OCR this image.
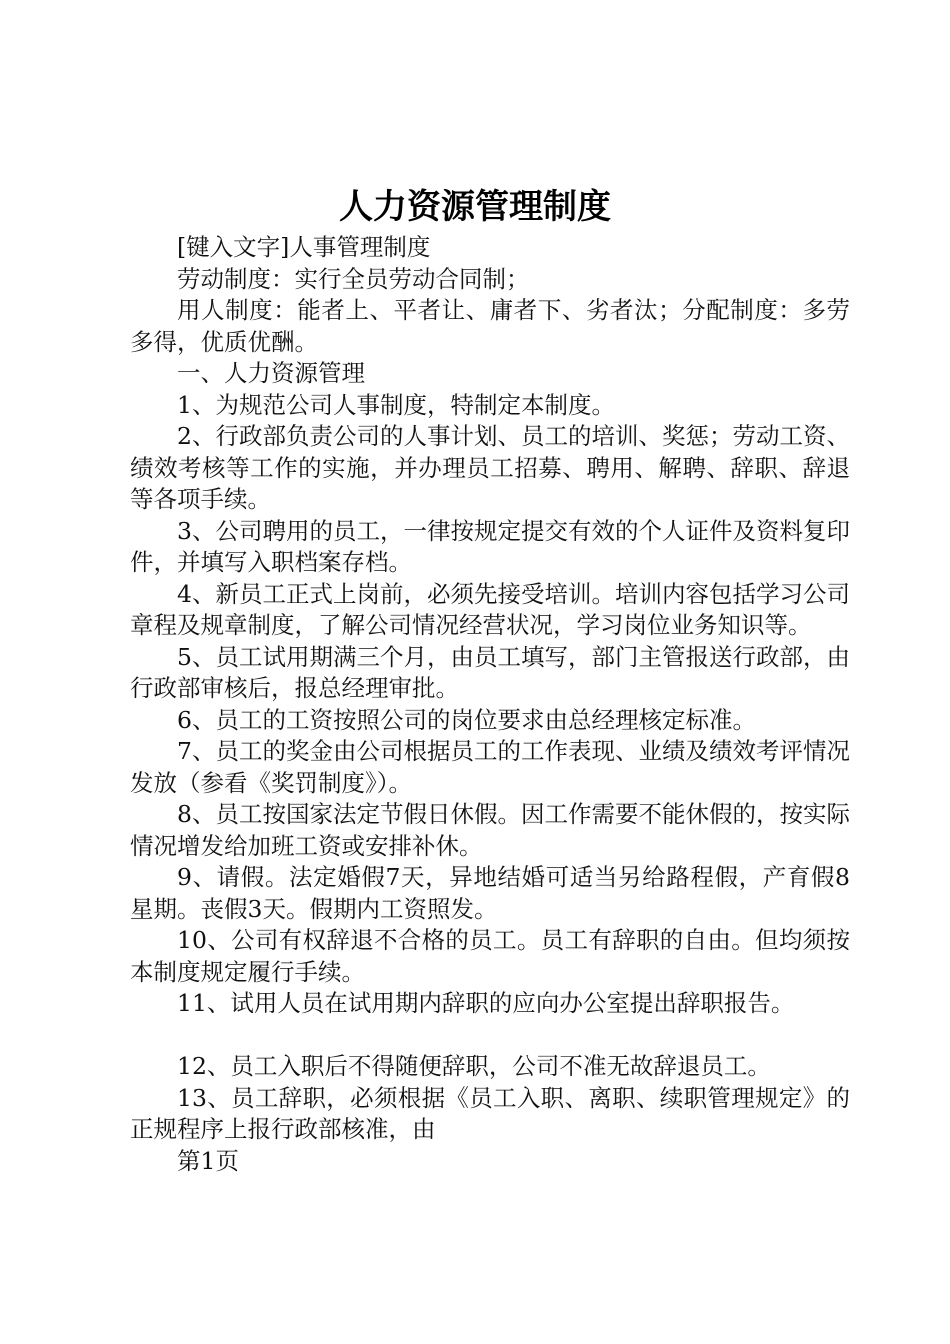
人力资源管理制度

[键入文字]人事管理制度

劳动制度：实行全员劳动合同制；

用人制度：能者上、平者让、庸者下、劣者汰；分配制度：多劳多得，优质优酬。

一、人力资源管理

1、为规范公司人事制度，特制定本制度。

2、行政部负责公司的人事计划、员工的培训、奖惩；劳动工资、绩效考核等工作的实施，并办理员工招募、聘用、解聘、辞职、辞退等各项手续。

3、公司聘用的员工，一律按规定提交有效的个人证件及资料复印件，并填写入职档案存档。

4、新员工正式上岗前，必须先接受培训。培训内容包括学习公司章程及规章制度，了解公司情况经营状况，学习岗位业务知识等。

5、员工试用期满三个月，由员工填写，部门主管报送行政部，由行政部审核后，报总经理审批。

6、员工的工资按照公司的岗位要求由总经理核定标准。

7、员工的奖金由公司根据员工的工作表现、业绩及绩效考评情况发放（参看《奖罚制度》）。

8、员工按国家法定节假日休假。因工作需要不能休假的，按实际情况增发给加班工资或安排补休。

9、请假。法定婚假7天，异地结婚可适当另给路程假，产育假8星期。丧假3天。假期内工资照发。

10、公司有权辞退不合格的员工。员工有辞职的自由。但均须按本制度规定履行手续。

11、试用人员在试用期内辞职的应向办公室提出辞职报告。

12、员工入职后不得随便辞职，公司不准无故辞退员工。

13、员工辞职，必须根据《员工入职、离职、续职管理规定》的正规程序上报行政部核准，由

第1页
